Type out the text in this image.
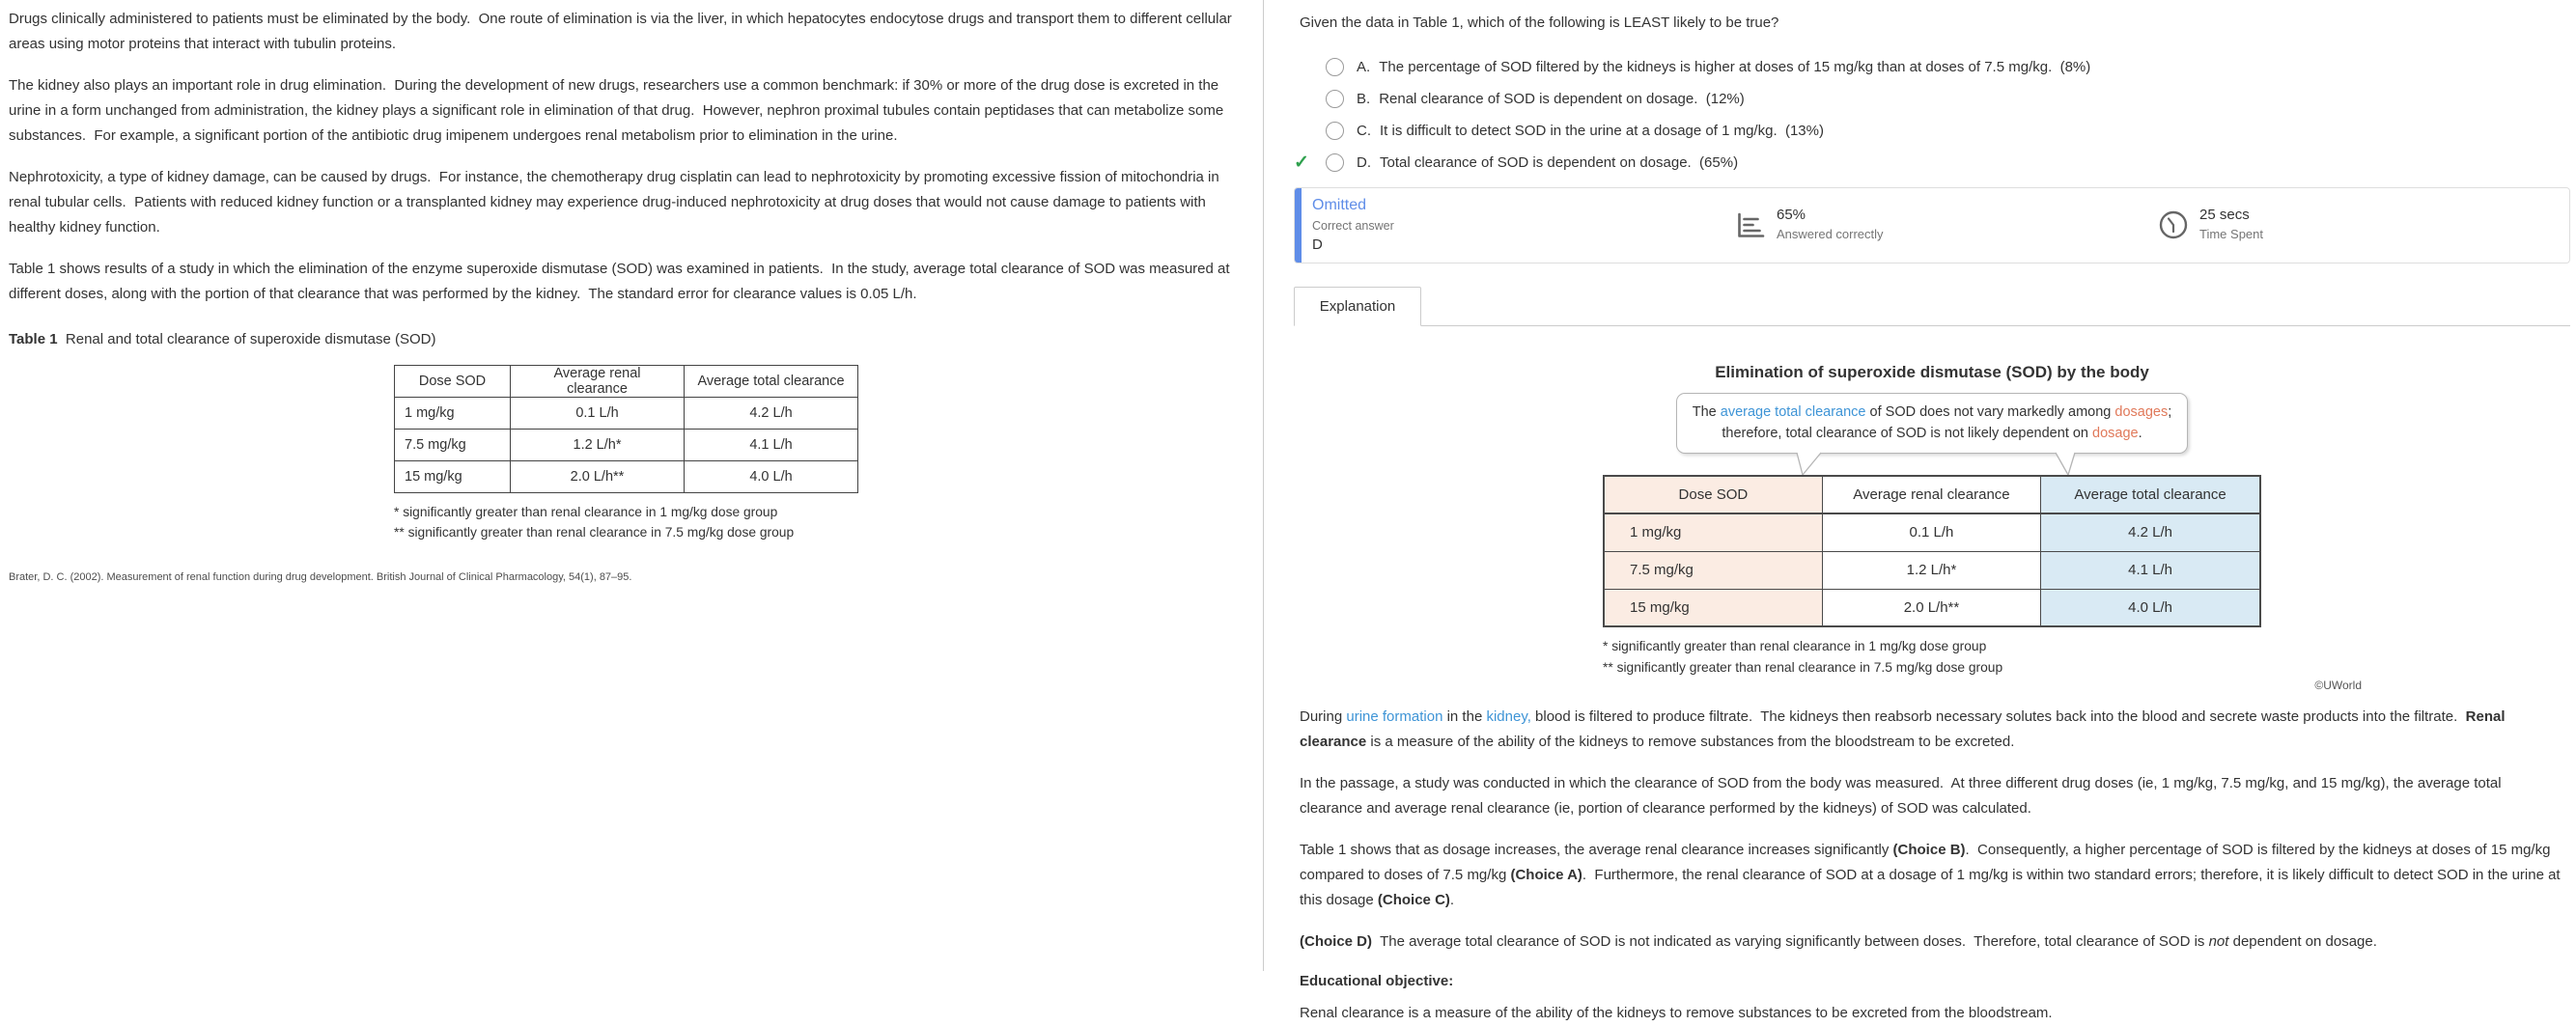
Drugs clinically administered to patients must be eliminated by the body.  One route of elimination is via the liver, in which hepatocytes endocytose drugs and transport them to different cellular areas using motor proteins that interact with tubulin proteins.

The kidney also plays an important role in drug elimination.  During the development of new drugs, researchers use a common benchmark: if 30% or more of the drug dose is excreted in the urine in a form unchanged from administration, the kidney plays a significant role in elimination of that drug.  However, nephron proximal tubules contain peptidases that can metabolize some substances.  For example, a significant portion of the antibiotic drug imipenem undergoes renal metabolism prior to elimination in the urine.

Nephrotoxicity, a type of kidney damage, can be caused by drugs.  For instance, the chemotherapy drug cisplatin can lead to nephrotoxicity by promoting excessive fission of mitochondria in renal tubular cells.  Patients with reduced kidney function or a transplanted kidney may experience drug-induced nephrotoxicity at drug doses that would not cause damage to patients with healthy kidney function.

Table 1 shows results of a study in which the elimination of the enzyme superoxide dismutase (SOD) was examined in patients.  In the study, average total clearance of SOD was measured at different doses, along with the portion of that clearance that was performed by the kidney.  The standard error for clearance values is 0.05 L/h.

Table 1  Renal and total clearance of superoxide dismutase (SOD)
Dose SOD	Average renal clearance	Average total clearance
1 mg/kg	0.1 L/h	4.2 L/h
7.5 mg/kg	1.2 L/h*	4.1 L/h
15 mg/kg	2.0 L/h**	4.0 L/h
* significantly greater than renal clearance in 1 mg/kg dose group
** significantly greater than renal clearance in 7.5 mg/kg dose group
Brater, D. C. (2002). Measurement of renal function during drug development. British Journal of Clinical Pharmacology, 54(1), 87–95.

Given the data in Table 1, which of the following is LEAST likely to be true?

A. The percentage of SOD filtered by the kidneys is higher at doses of 15 mg/kg than at doses of 7.5 mg/kg. (8%)
B. Renal clearance of SOD is dependent on dosage. (12%)
C. It is difficult to detect SOD in the urine at a dosage of 1 mg/kg. (13%)
✓	D. Total clearance of SOD is dependent on dosage. (65%)
Omitted
Correct answer
D
65%
Answered correctly
25 secs
Time Spent
Explanation
Elimination of superoxide dismutase (SOD) by the body
The average total clearance of SOD does not vary markedly among dosages; therefore, total clearance of SOD is not likely dependent on dosage.
Dose SOD	Average renal clearance	Average total clearance
1 mg/kg	0.1 L/h	4.2 L/h
7.5 mg/kg	1.2 L/h*	4.1 L/h
15 mg/kg	2.0 L/h**	4.0 L/h
* significantly greater than renal clearance in 1 mg/kg dose group
** significantly greater than renal clearance in 7.5 mg/kg dose group
©UWorld

During urine formation in the kidney, blood is filtered to produce filtrate.  The kidneys then reabsorb necessary solutes back into the blood and secrete waste products into the filtrate.  Renal clearance is a measure of the ability of the kidneys to remove substances from the bloodstream to be excreted.

In the passage, a study was conducted in which the clearance of SOD from the body was measured.  At three different drug doses (ie, 1 mg/kg, 7.5 mg/kg, and 15 mg/kg), the average total clearance and average renal clearance (ie, portion of clearance performed by the kidneys) of SOD was calculated.

Table 1 shows that as dosage increases, the average renal clearance increases significantly (Choice B).  Consequently, a higher percentage of SOD is filtered by the kidneys at doses of 15 mg/kg compared to doses of 7.5 mg/kg (Choice A).  Furthermore, the renal clearance of SOD at a dosage of 1 mg/kg is within two standard errors; therefore, it is likely difficult to detect SOD in the urine at this dosage (Choice C).

(Choice D)  The average total clearance of SOD is not indicated as varying significantly between doses.  Therefore, total clearance of SOD is not dependent on dosage.

Educational objective:

Renal clearance is a measure of the ability of the kidneys to remove substances to be excreted from the bloodstream.
